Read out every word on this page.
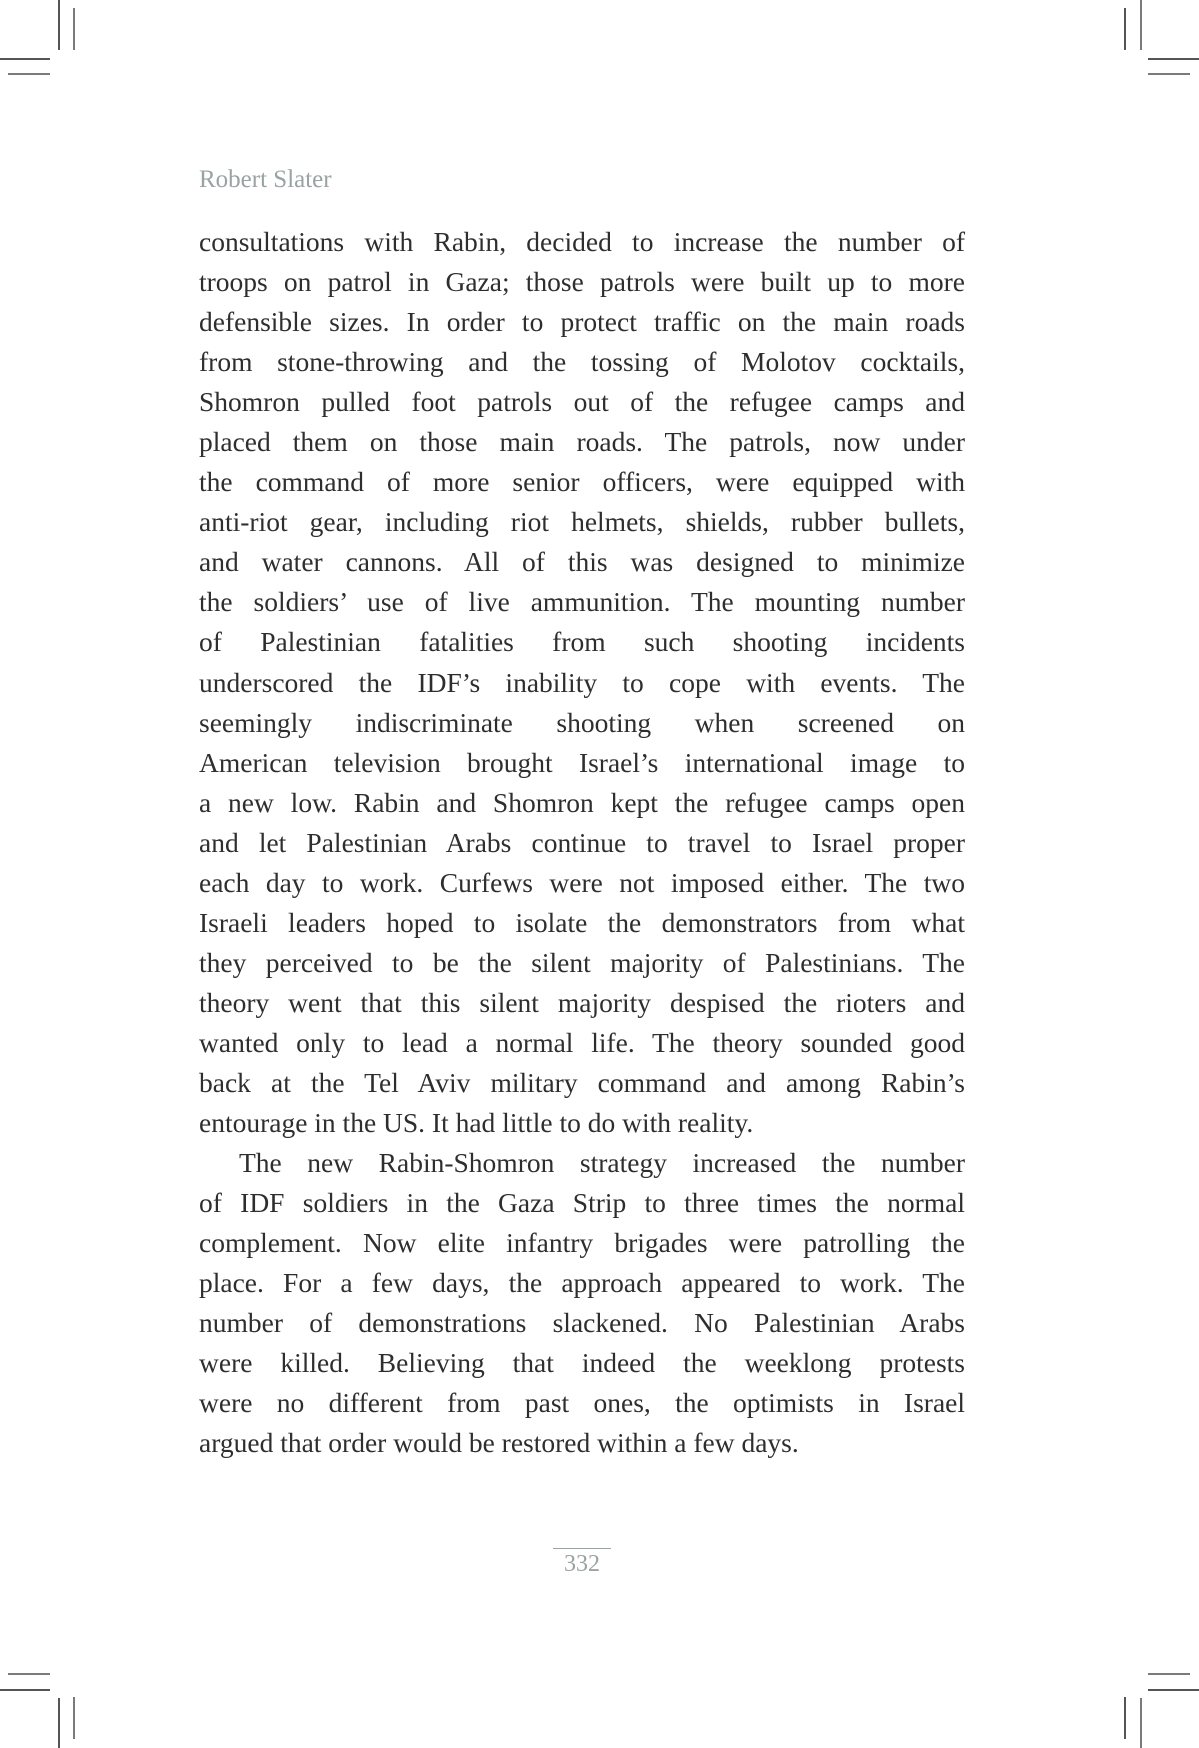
Robert Slater
consultations with Rabin, decided to increase the number of
troops on patrol in Gaza; those patrols were built up to more
defensible sizes. In order to protect traffic on the main roads
from stone-throwing and the tossing of Molotov cocktails,
Shomron pulled foot patrols out of the refugee camps and
placed them on those main roads. The patrols, now under
the command of more senior officers, were equipped with
anti-riot gear, including riot helmets, shields, rubber bullets,
and water cannons. All of this was designed to minimize
the soldiers’ use of live ammunition. The mounting number
of Palestinian fatalities from such shooting incidents
underscored the IDF’s inability to cope with events. The
seemingly indiscriminate shooting when screened on
American television brought Israel’s international image to
a new low. Rabin and Shomron kept the refugee camps open
and let Palestinian Arabs continue to travel to Israel proper
each day to work. Curfews were not imposed either. The two
Israeli leaders hoped to isolate the demonstrators from what
they perceived to be the silent majority of Palestinians. The
theory went that this silent majority despised the rioters and
wanted only to lead a normal life. The theory sounded good
back at the Tel Aviv military command and among Rabin’s
entourage in the US. It had little to do with reality.
The new Rabin-Shomron strategy increased the number
of IDF soldiers in the Gaza Strip to three times the normal
complement. Now elite infantry brigades were patrolling the
place. For a few days, the approach appeared to work. The
number of demonstrations slackened. No Palestinian Arabs
were killed. Believing that indeed the weeklong protests
were no different from past ones, the optimists in Israel
argued that order would be restored within a few days.
332
